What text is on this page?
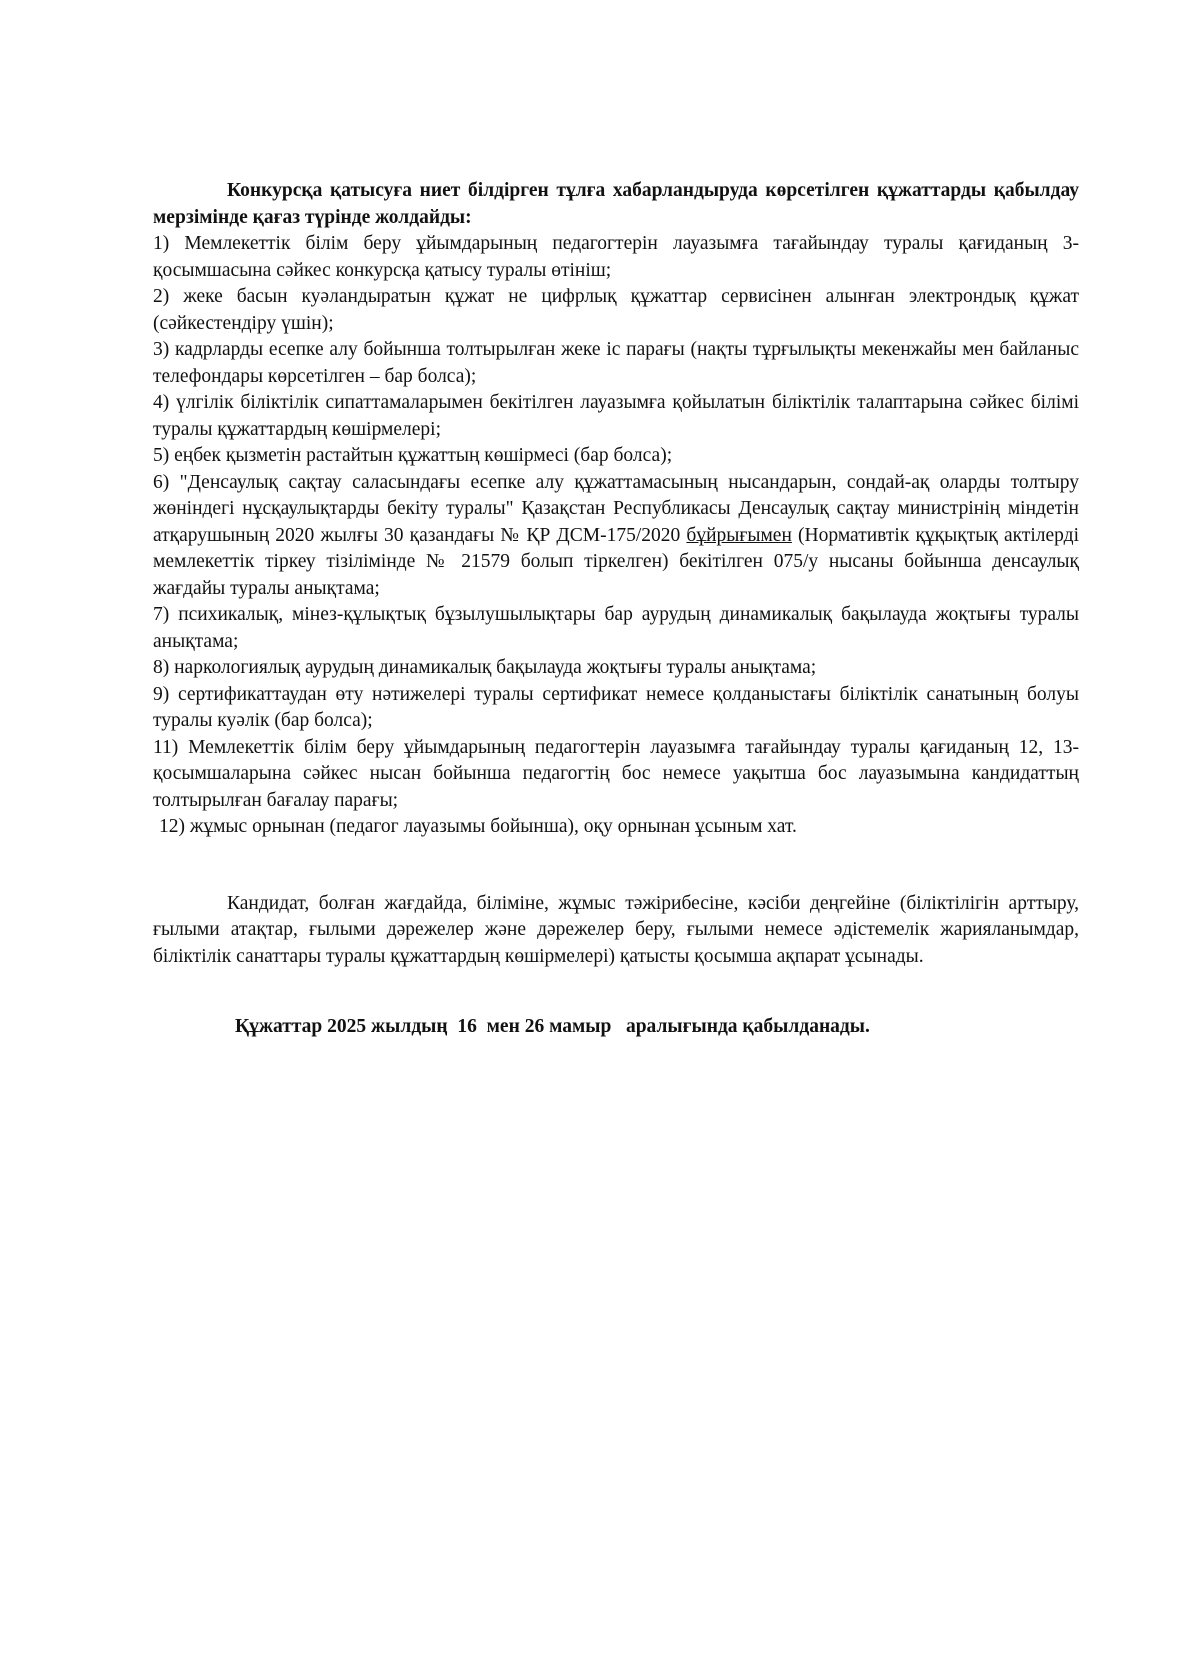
Конкурсқа қатысуға ниет білдірген тұлға хабарландыруда көрсетілген құжаттарды қабылдау мерзімінде қағаз түрінде жолдайды:

1) Мемлекеттік білім беру ұйымдарының педагогтерін лауазымға тағайындау туралы қағиданың 3- қосымшасына сәйкес конкурсқа қатысу туралы өтініш;
2) жеке басын куәландыратын құжат не цифрлық құжаттар сервисінен алынған электрондық құжат (сәйкестендіру үшін);
3) кадрларды есепке алу бойынша толтырылған жеке іс парағы (нақты тұрғылықты мекенжайы мен байланыс телефондары көрсетілген – бар болса);
4) үлгілік біліктілік сипаттамаларымен бекітілген лауазымға қойылатын біліктілік талаптарына сәйкес білімі туралы құжаттардың көшірмелері;
5) еңбек қызметін растайтын құжаттың көшірмесі (бар болса);
6) "Денсаулық сақтау саласындағы есепке алу құжаттамасының нысандарын, сондай-ақ оларды толтыру жөніндегі нұсқаулықтарды бекіту туралы" Қазақстан Республикасы Денсаулық сақтау министрінің міндетін атқарушының 2020 жылғы 30 қазандағы № ҚР ДСМ-175/2020 бұйрығымен (Нормативтік құқықтық актілерді мемлекеттік тіркеу тізілімінде № 21579 болып тіркелген) бекітілген 075/у нысаны бойынша денсаулық жағдайы туралы анықтама;
7) психикалық, мінез-құлықтық бұзылушылықтары бар аурудың динамикалық бақылауда жоқтығы туралы анықтама;
8) наркологиялық аурудың динамикалық бақылауда жоқтығы туралы анықтама;
9) сертификаттаудан өту нәтижелері туралы сертификат немесе қолданыстағы біліктілік санатының болуы туралы куәлік (бар болса);
11) Мемлекеттік білім беру ұйымдарының педагогтерін лауазымға тағайындау туралы қағиданың 12, 13-қосымшаларына сәйкес нысан бойынша педагогтің бос немесе уақытша бос лауазымына кандидаттың толтырылған бағалау парағы;
12) жұмыс орнынан (педагог лауазымы бойынша), оқу орнынан ұсыным хат.

Кандидат, болған жағдайда, біліміне, жұмыс тәжірибесіне, кәсіби деңгейіне (біліктілігін арттыру, ғылыми атақтар, ғылыми дәрежелер және дәрежелер беру, ғылыми немесе әдістемелік жарияланымдар, біліктілік санаттары туралы құжаттардың көшірмелері) қатысты қосымша ақпарат ұсынады.

Құжаттар 2025 жылдың  16  мен 26 мамыр   аралығында қабылданады.
